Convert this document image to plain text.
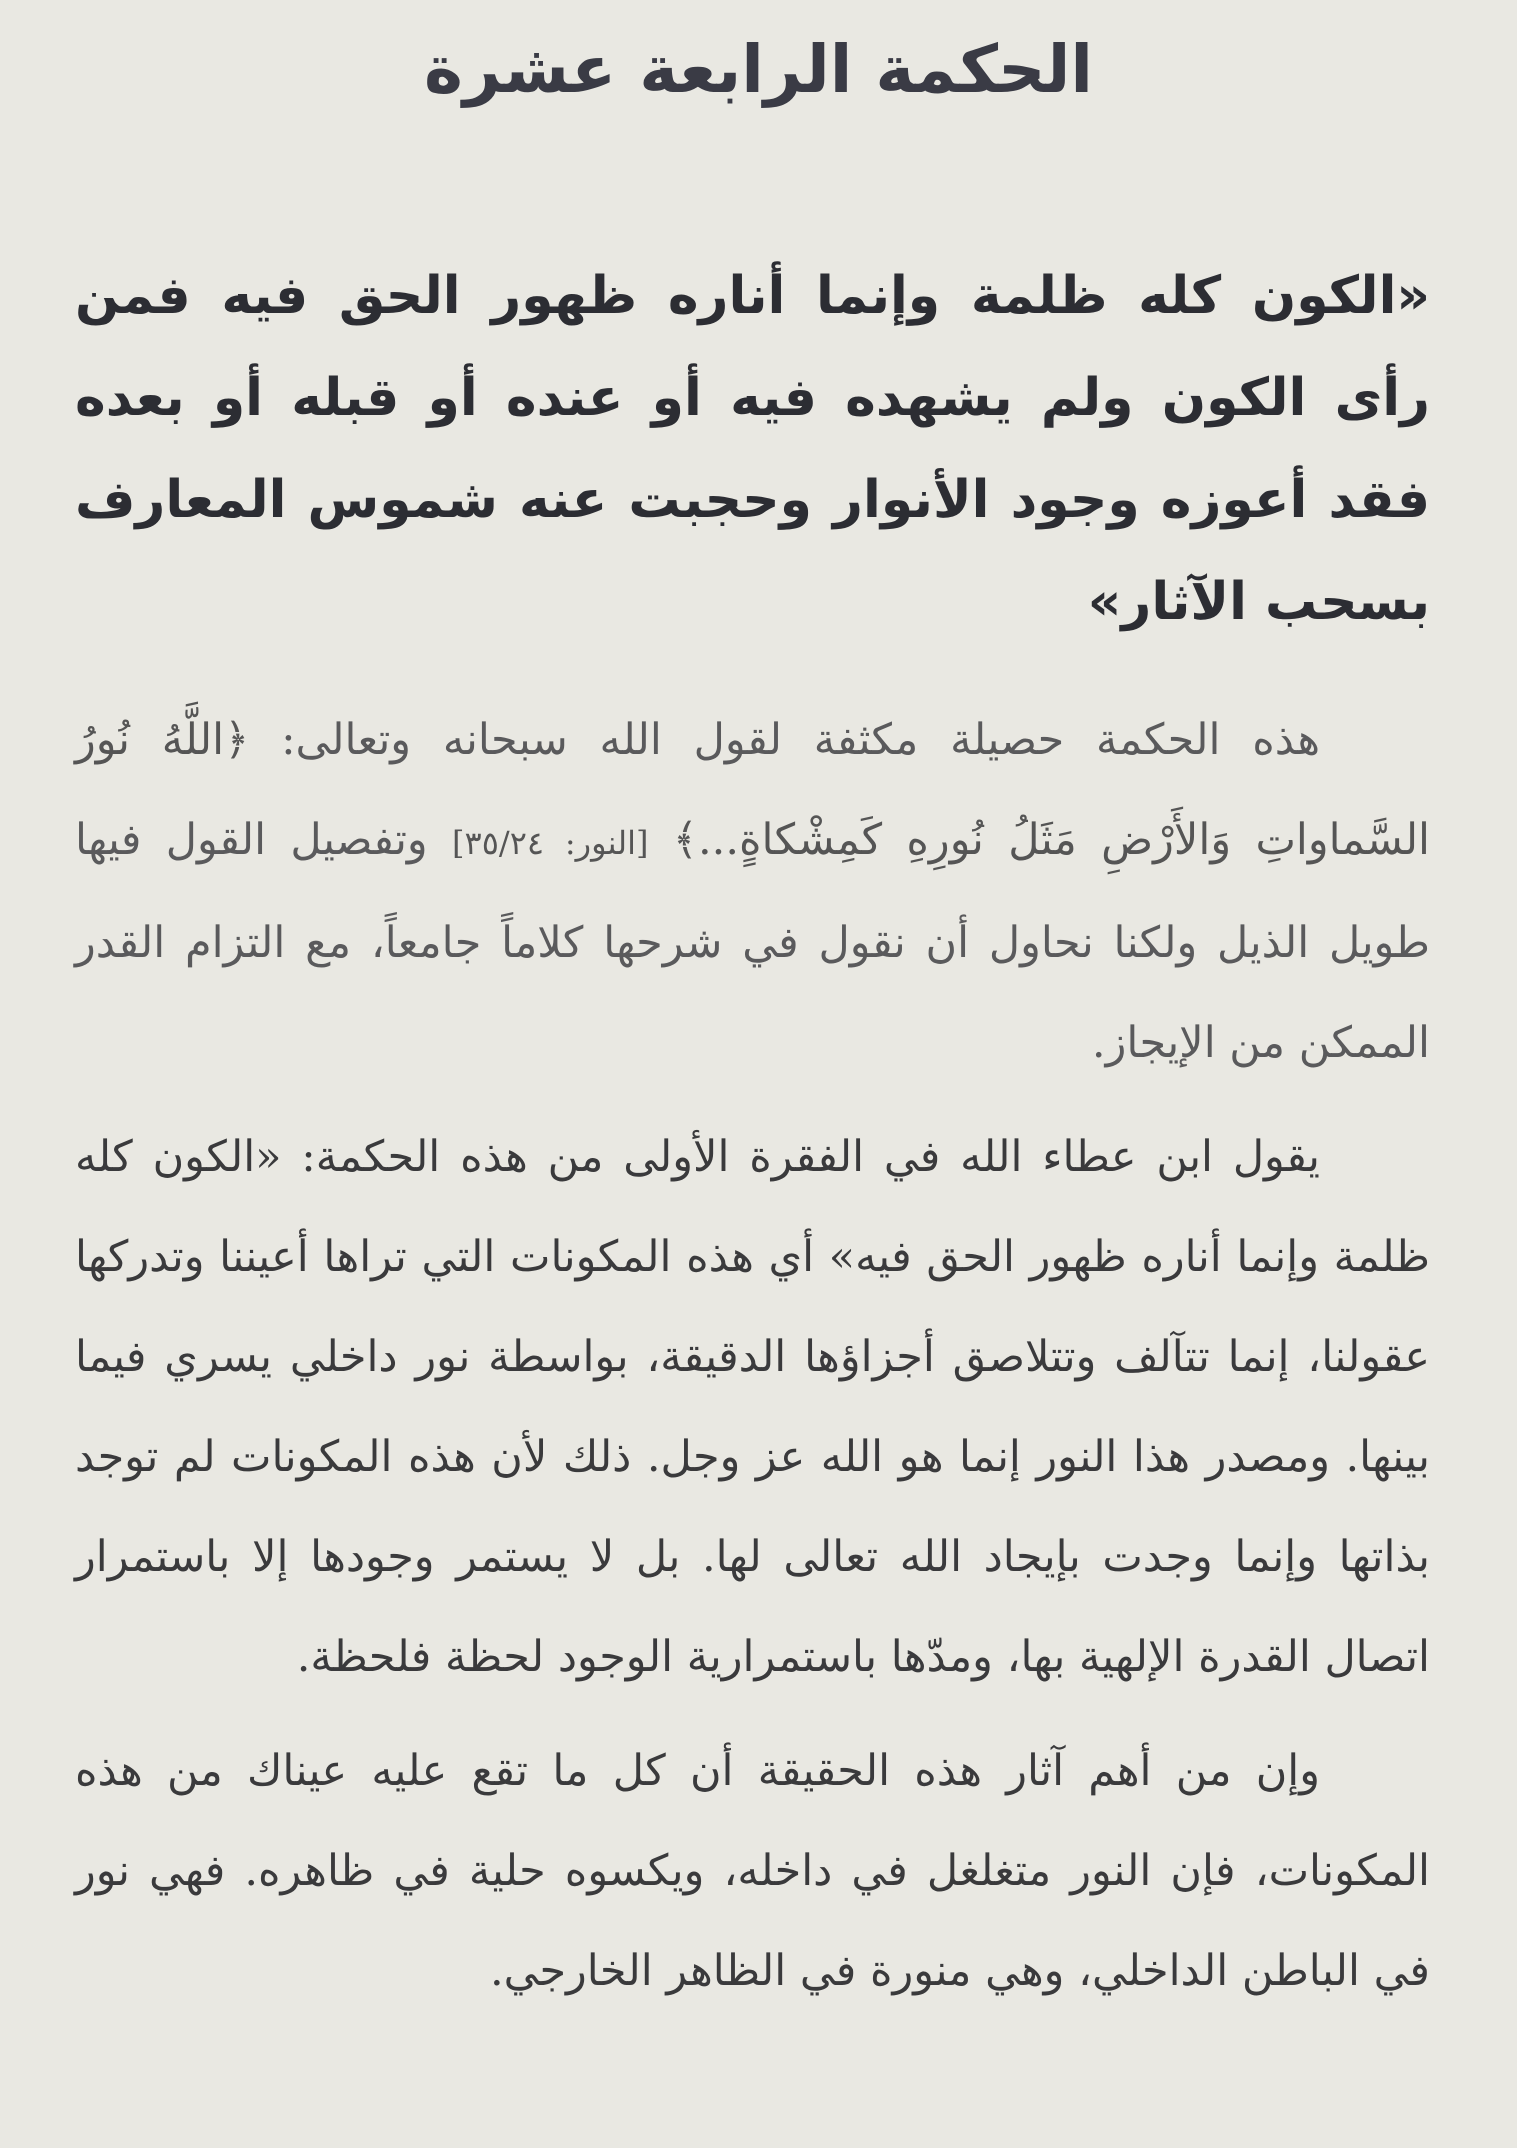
الحكمة الرابعة عشرة
«الكون كله ظلمة وإنما أناره ظهور الحق فيه فمن رأى الكون ولم يشهده فيه أو عنده أو قبله أو بعده فقد أعوزه وجود الأنوار وحجبت عنه شموس المعارف بسحب الآثار»

هذه الحكمة حصيلة مكثفة لقول الله سبحانه وتعالى: ﴿اللَّهُ نُورُ السَّماواتِ وَالأَرْضِ مَثَلُ نُورِهِ كَمِشْكاةٍ...﴾ [النور: ٣٥/٢٤] وتفصيل القول فيها طويل الذيل ولكنا نحاول أن نقول في شرحها كلاماً جامعاً، مع التزام القدر الممكن من الإيجاز.

يقول ابن عطاء الله في الفقرة الأولى من هذه الحكمة: «الكون كله ظلمة وإنما أناره ظهور الحق فيه» أي هذه المكونات التي تراها أعيننا وتدركها عقولنا، إنما تتآلف وتتلاصق أجزاؤها الدقيقة، بواسطة نور داخلي يسري فيما بينها. ومصدر هذا النور إنما هو الله عز وجل. ذلك لأن هذه المكونات لم توجد بذاتها وإنما وجدت بإيجاد الله تعالى لها. بل لا يستمر وجودها إلا باستمرار اتصال القدرة الإلهية بها، ومدّها باستمرارية الوجود لحظة فلحظة.

وإن من أهم آثار هذه الحقيقة أن كل ما تقع عليه عيناك من هذه المكونات، فإن النور متغلغل في داخله، ويكسوه حلية في ظاهره. فهي نور في الباطن الداخلي، وهي منورة في الظاهر الخارجي.
